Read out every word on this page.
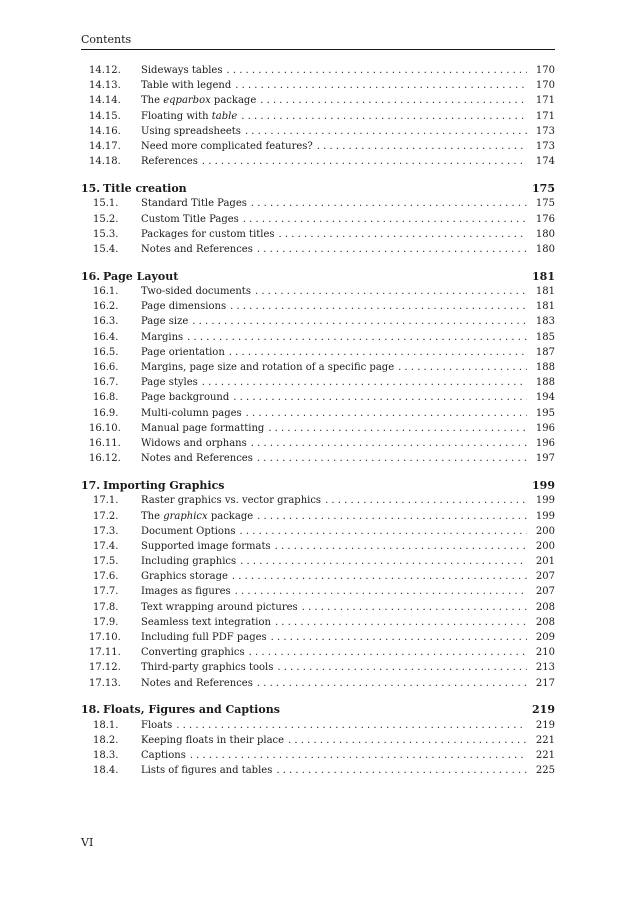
Contents
14.12.	Sideways tables . . .	170
14.13.	Table with legend . . .	170
14.14.	The eqparbox package . . .	171
14.15.	Floating with table . . .	171
14.16.	Using spreadsheets . . .	173
14.17.	Need more complicated features? . . .	173
14.18.	References . . .	174
15. Title creation	175
15.1.	Standard Title Pages . . .	175
15.2.	Custom Title Pages . . .	176
15.3.	Packages for custom titles . . .	180
15.4.	Notes and References . . .	180
16. Page Layout	181
16.1.	Two-sided documents . . .	181
16.2.	Page dimensions . . .	181
16.3.	Page size . . .	183
16.4.	Margins . . .	185
16.5.	Page orientation . . .	187
16.6.	Margins, page size and rotation of a specific page . . .	188
16.7.	Page styles . . .	188
16.8.	Page background . . .	194
16.9.	Multi-column pages . . .	195
16.10.	Manual page formatting . . .	196
16.11.	Widows and orphans . . .	196
16.12.	Notes and References . . .	197
17. Importing Graphics	199
17.1.	Raster graphics vs. vector graphics . . .	199
17.2.	The graphicx package . . .	199
17.3.	Document Options . . .	200
17.4.	Supported image formats . . .	200
17.5.	Including graphics . . .	201
17.6.	Graphics storage . . .	207
17.7.	Images as figures . . .	207
17.8.	Text wrapping around pictures . . .	208
17.9.	Seamless text integration . . .	208
17.10.	Including full PDF pages . . .	209
17.11.	Converting graphics . . .	210
17.12.	Third-party graphics tools . . .	213
17.13.	Notes and References . . .	217
18. Floats, Figures and Captions	219
18.1.	Floats . . .	219
18.2.	Keeping floats in their place . . .	221
18.3.	Captions . . .	221
18.4.	Lists of figures and tables . . .	225
VI
